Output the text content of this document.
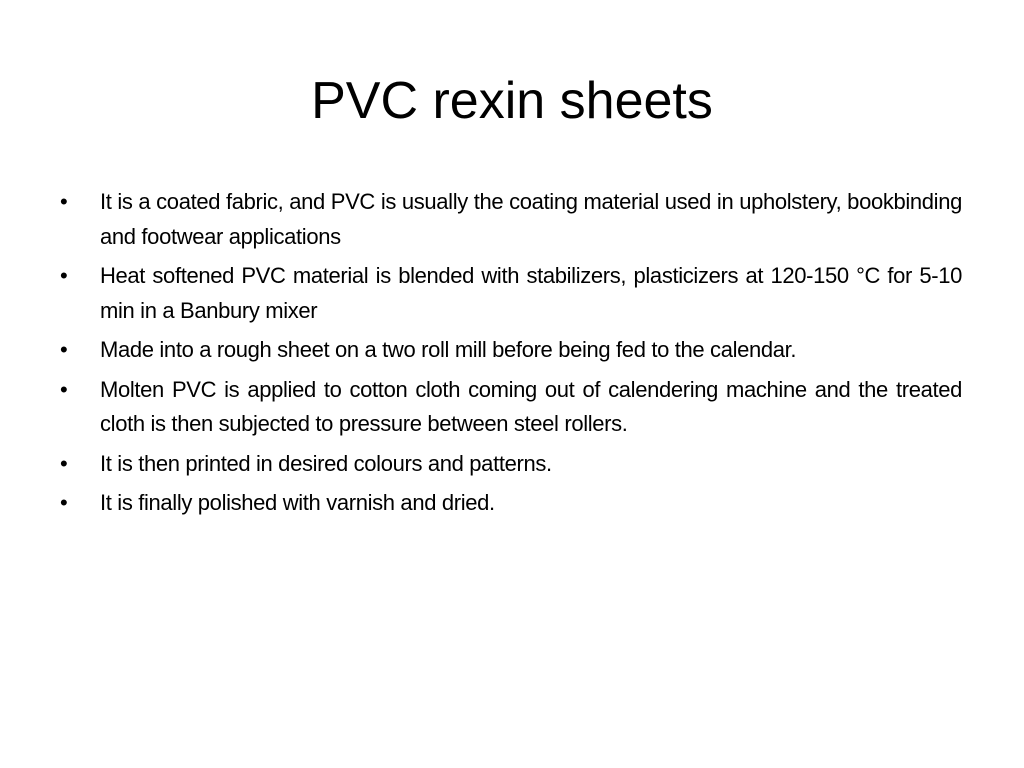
PVC rexin sheets
• It is a coated fabric, and PVC is usually the coating material used in upholstery, bookbinding and footwear applications
• Heat softened PVC material is blended with stabilizers, plasticizers at 120-150 °C for 5-10 min in a Banbury mixer
• Made into a rough sheet on a two roll mill before being fed to the calendar.
• Molten PVC is applied to cotton cloth coming out of calendering machine and the treated cloth is then subjected to pressure between steel rollers.
• It is then printed in desired colours and patterns.
• It is finally polished with varnish and dried.
